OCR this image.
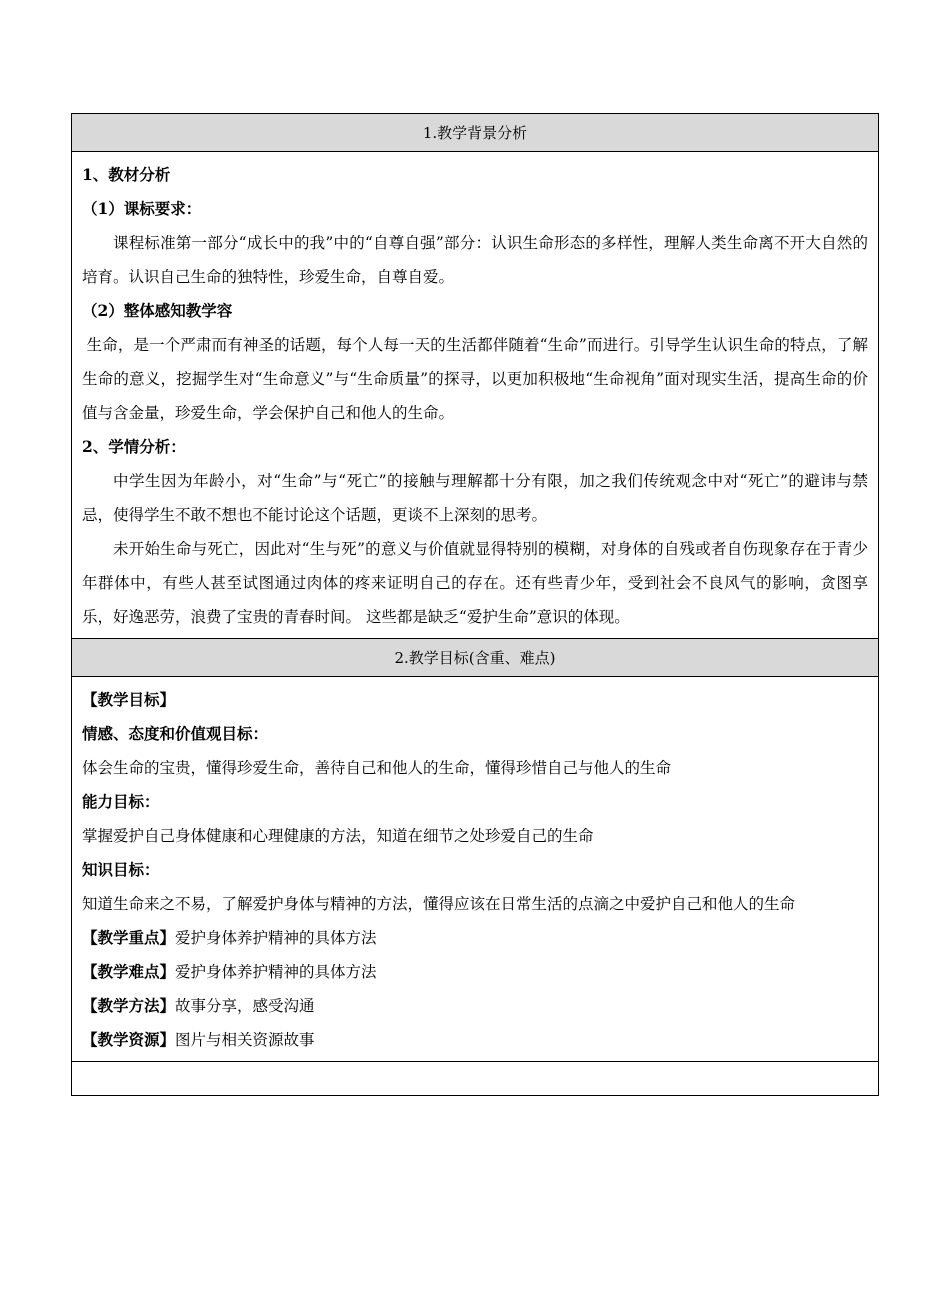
1.教学背景分析

1、教材分析

（1）课标要求：

课程标准第一部分“成长中的我”中的“自尊自强”部分：认识生命形态的多样性，理解人类生命离不开大自然的培育。认识自己生命的独特性，珍爱生命，自尊自爱。

（2）整体感知教学容

生命，是一个严肃而有神圣的话题，每个人每一天的生活都伴随着“生命”而进行。引导学生认识生命的特点，了解生命的意义，挖掘学生对“生命意义”与“生命质量”的探寻，以更加积极地“生命视角”面对现实生活，提高生命的价值与含金量，珍爱生命，学会保护自己和他人的生命。

2、学情分析：

中学生因为年龄小，对“生命”与“死亡”的接触与理解都十分有限，加之我们传统观念中对“死亡”的避讳与禁忌，使得学生不敢不想也不能讨论这个话题，更谈不上深刻的思考。

未开始生命与死亡，因此对“生与死”的意义与价值就显得特别的模糊，对身体的自残或者自伤现象存在于青少年群体中，有些人甚至试图通过肉体的疼来证明自己的存在。还有些青少年，受到社会不良风气的影响，贪图享乐，好逸恶劳，浪费了宝贵的青春时间。 这些都是缺乏“爱护生命”意识的体现。

2.教学目标(含重、难点)

【教学目标】

情感、态度和价值观目标：

体会生命的宝贵，懂得珍爱生命，善待自己和他人的生命，懂得珍惜自己与他人的生命

能力目标：

掌握爱护自己身体健康和心理健康的方法，知道在细节之处珍爱自己的生命

知识目标：

知道生命来之不易，了解爱护身体与精神的方法，懂得应该在日常生活的点滴之中爱护自己和他人的生命

【教学重点】爱护身体养护精神的具体方法

【教学难点】爱护身体养护精神的具体方法

【教学方法】故事分享，感受沟通

【教学资源】图片与相关资源故事
